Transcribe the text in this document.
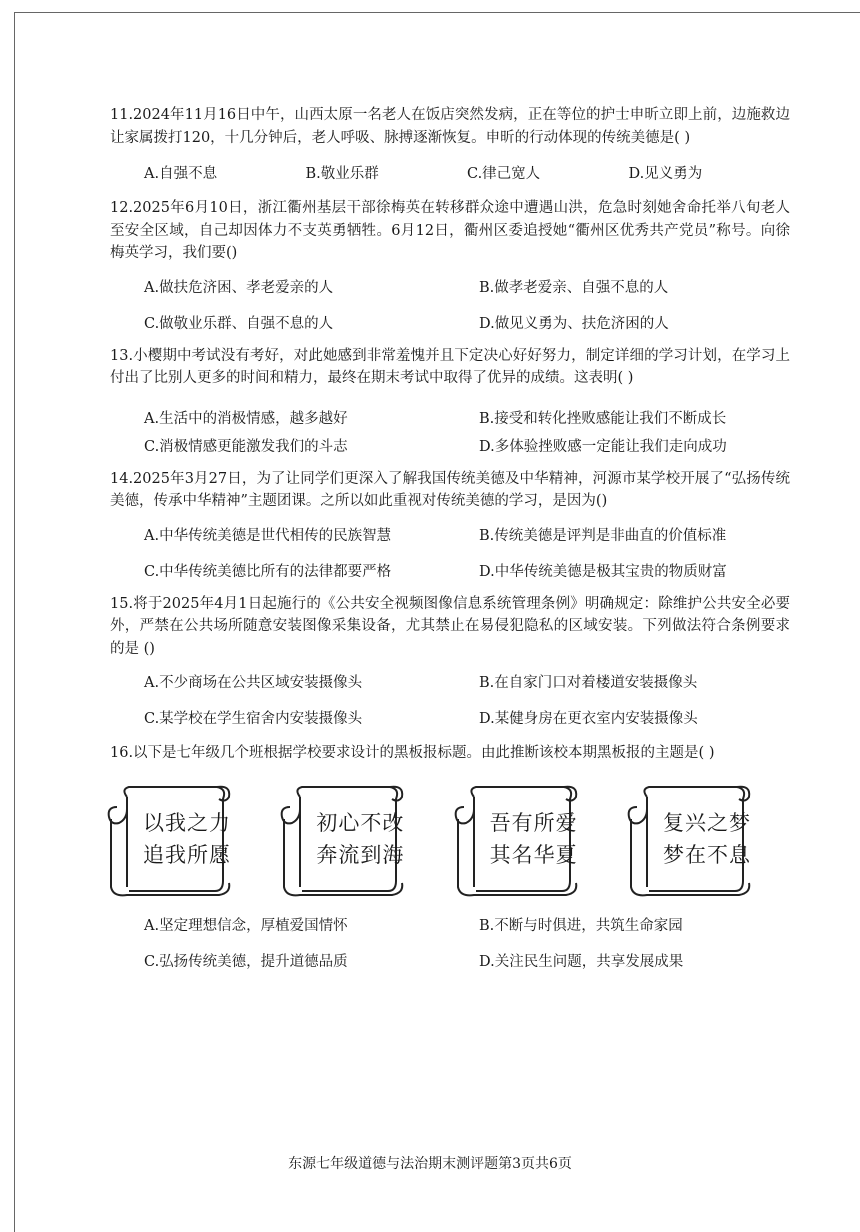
11.2024年11月16日中午，山西太原一名老人在饭店突然发病，正在等位的护士申昕立即上前，边施救边让家属拨打120，十几分钟后，老人呼吸、脉搏逐渐恢复。申昕的行动体现的传统美德是( )

A.自强不息	B.敬业乐群	C.律己宽人	D.见义勇为

12.2025年6月10日，浙江衢州基层干部徐梅英在转移群众途中遭遇山洪，危急时刻她舍命托举八旬老人至安全区域，自己却因体力不支英勇牺牲。6月12日，衢州区委追授她“衢州区优秀共产党员”称号。向徐梅英学习，我们要()

A.做扶危济困、孝老爱亲的人	B.做孝老爱亲、自强不息的人
C.做敬业乐群、自强不息的人	D.做见义勇为、扶危济困的人

13.小樱期中考试没有考好，对此她感到非常羞愧并且下定决心好好努力，制定详细的学习计划，在学习上付出了比别人更多的时间和精力，最终在期末考试中取得了优异的成绩。这表明( )

A.生活中的消极情感，越多越好	B.接受和转化挫败感能让我们不断成长
C.消极情感更能激发我们的斗志	D.多体验挫败感一定能让我们走向成功

14.2025年3月27日，为了让同学们更深入了解我国传统美德及中华精神，河源市某学校开展了“弘扬传统美德，传承中华精神”主题团课。之所以如此重视对传统美德的学习，是因为()

A.中华传统美德是世代相传的民族智慧	B.传统美德是评判是非曲直的价值标准
C.中华传统美德比所有的法律都要严格	D.中华传统美德是极其宝贵的物质财富

15.将于2025年4月1日起施行的《公共安全视频图像信息系统管理条例》明确规定：除维护公共安全必要外，严禁在公共场所随意安装图像采集设备，尤其禁止在易侵犯隐私的区域安装。下列做法符合条例要求的是 ()

A.不少商场在公共区域安装摄像头	B.在自家门口对着楼道安装摄像头
C.某学校在学生宿舍内安装摄像头	D.某健身房在更衣室内安装摄像头

16.以下是七年级几个班根据学校要求设计的黑板报标题。由此推断该校本期黑板报的主题是( )

以我之力
追我所愿
初心不改
奔流到海
吾有所爱
其名华夏
复兴之梦
梦在不息
A.坚定理想信念，厚植爱国情怀	B.不断与时俱进，共筑生命家园
C.弘扬传统美德，提升道德品质	D.关注民生问题，共享发展成果
东源七年级道德与法治期末测评题第3页共6页
